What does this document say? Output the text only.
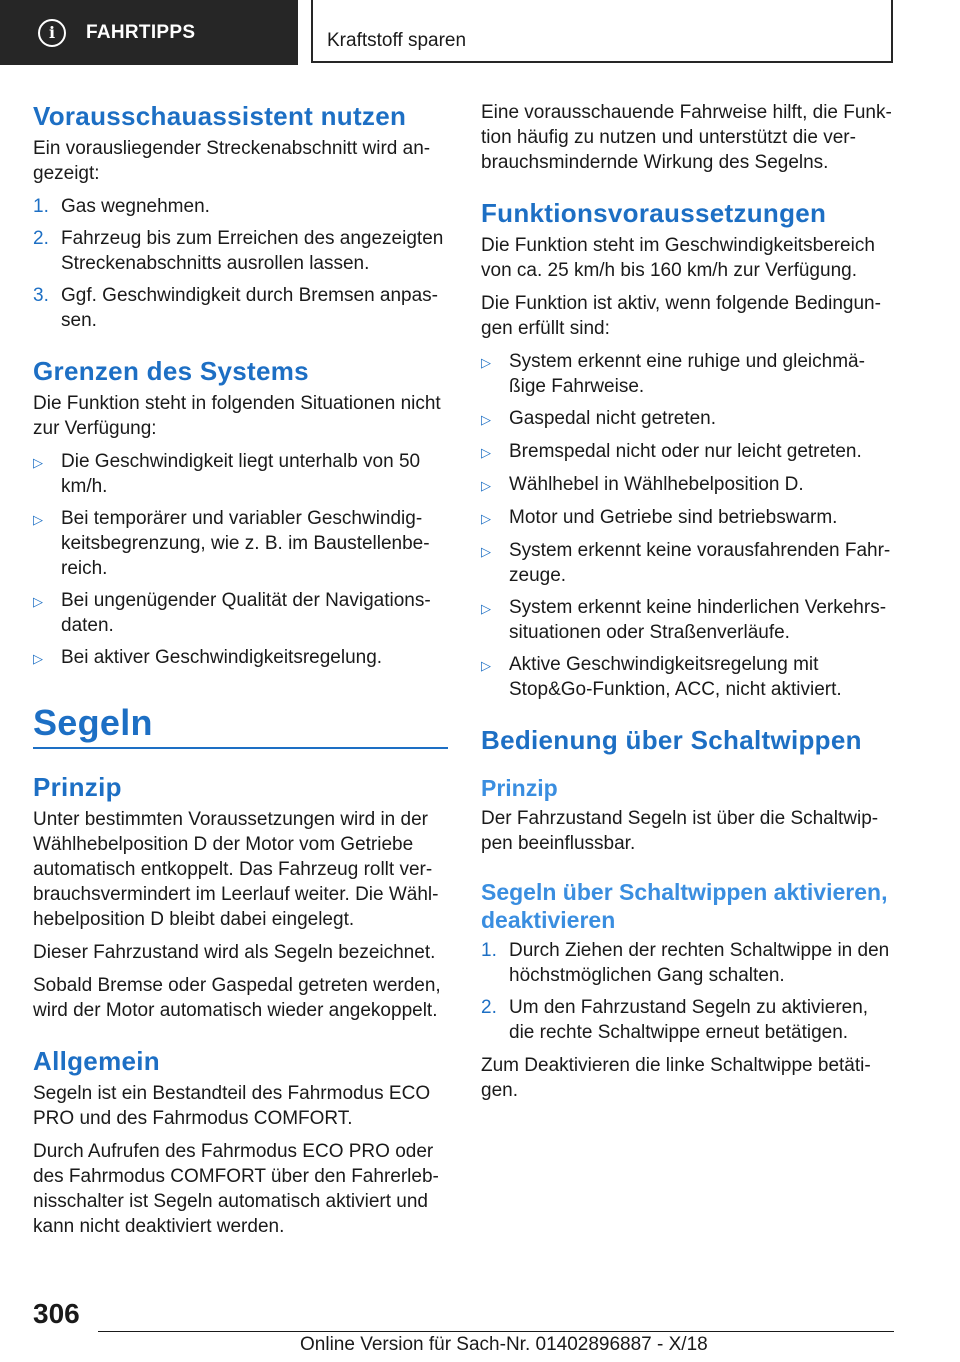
i	FAHRTIPPS	Kraftstoff sparen
Vorausschauassistent nutzen

Ein vorausliegender Streckenabschnitt wird an-gezeigt:

1. Gas wegnehmen.
2. Fahrzeug bis zum Erreichen des angezeigten Streckenabschnitts ausrollen lassen.
3. Ggf. Geschwindigkeit durch Bremsen anpas-sen.
Grenzen des Systems

Die Funktion steht in folgenden Situationen nicht zur Verfügung:

▷ Die Geschwindigkeit liegt unterhalb von 50 km/h.
▷ Bei temporärer und variabler Geschwindig-keitsbegrenzung, wie z. B. im Baustellenbe-reich.
▷ Bei ungenügender Qualität der Navigations-daten.
▷ Bei aktiver Geschwindigkeitsregelung.
Segeln
Prinzip

Unter bestimmten Voraussetzungen wird in der Wählhebelposition D der Motor vom Getriebe automatisch entkoppelt. Das Fahrzeug rollt ver-brauchsvermindert im Leerlauf weiter. Die Wähl-hebelposition D bleibt dabei eingelegt.

Dieser Fahrzustand wird als Segeln bezeichnet.

Sobald Bremse oder Gaspedal getreten werden, wird der Motor automatisch wieder angekoppelt.

Allgemein

Segeln ist ein Bestandteil des Fahrmodus ECO PRO und des Fahrmodus COMFORT.

Durch Aufrufen des Fahrmodus ECO PRO oder des Fahrmodus COMFORT über den Fahrerleb-nisschalter ist Segeln automatisch aktiviert und kann nicht deaktiviert werden.

Eine vorausschauende Fahrweise hilft, die Funk-tion häufig zu nutzen und unterstützt die ver-brauchsmindernde Wirkung des Segelns.

Funktionsvoraussetzungen

Die Funktion steht im Geschwindigkeitsbereich von ca. 25 km/h bis 160 km/h zur Verfügung.

Die Funktion ist aktiv, wenn folgende Bedingun-gen erfüllt sind:

▷ System erkennt eine ruhige und gleichmä-ßige Fahrweise.
▷ Gaspedal nicht getreten.
▷ Bremspedal nicht oder nur leicht getreten.
▷ Wählhebel in Wählhebelposition D.
▷ Motor und Getriebe sind betriebswarm.
▷ System erkennt keine vorausfahrenden Fahr-zeuge.
▷ System erkennt keine hinderlichen Verkehrs-situationen oder Straßenverläufe.
▷ Aktive Geschwindigkeitsregelung mit Stop&Go-Funktion, ACC, nicht aktiviert.
Bedienung über Schaltwippen
Prinzip

Der Fahrzustand Segeln ist über die Schaltwip-pen beeinflussbar.

Segeln über Schaltwippen aktivieren, deaktivieren
1. Durch Ziehen der rechten Schaltwippe in den höchstmöglichen Gang schalten.
2. Um den Fahrzustand Segeln zu aktivieren, die rechte Schaltwippe erneut betätigen.

Zum Deaktivieren die linke Schaltwippe betäti-gen.

306
Online Version für Sach-Nr. 01402896887 - X/18
